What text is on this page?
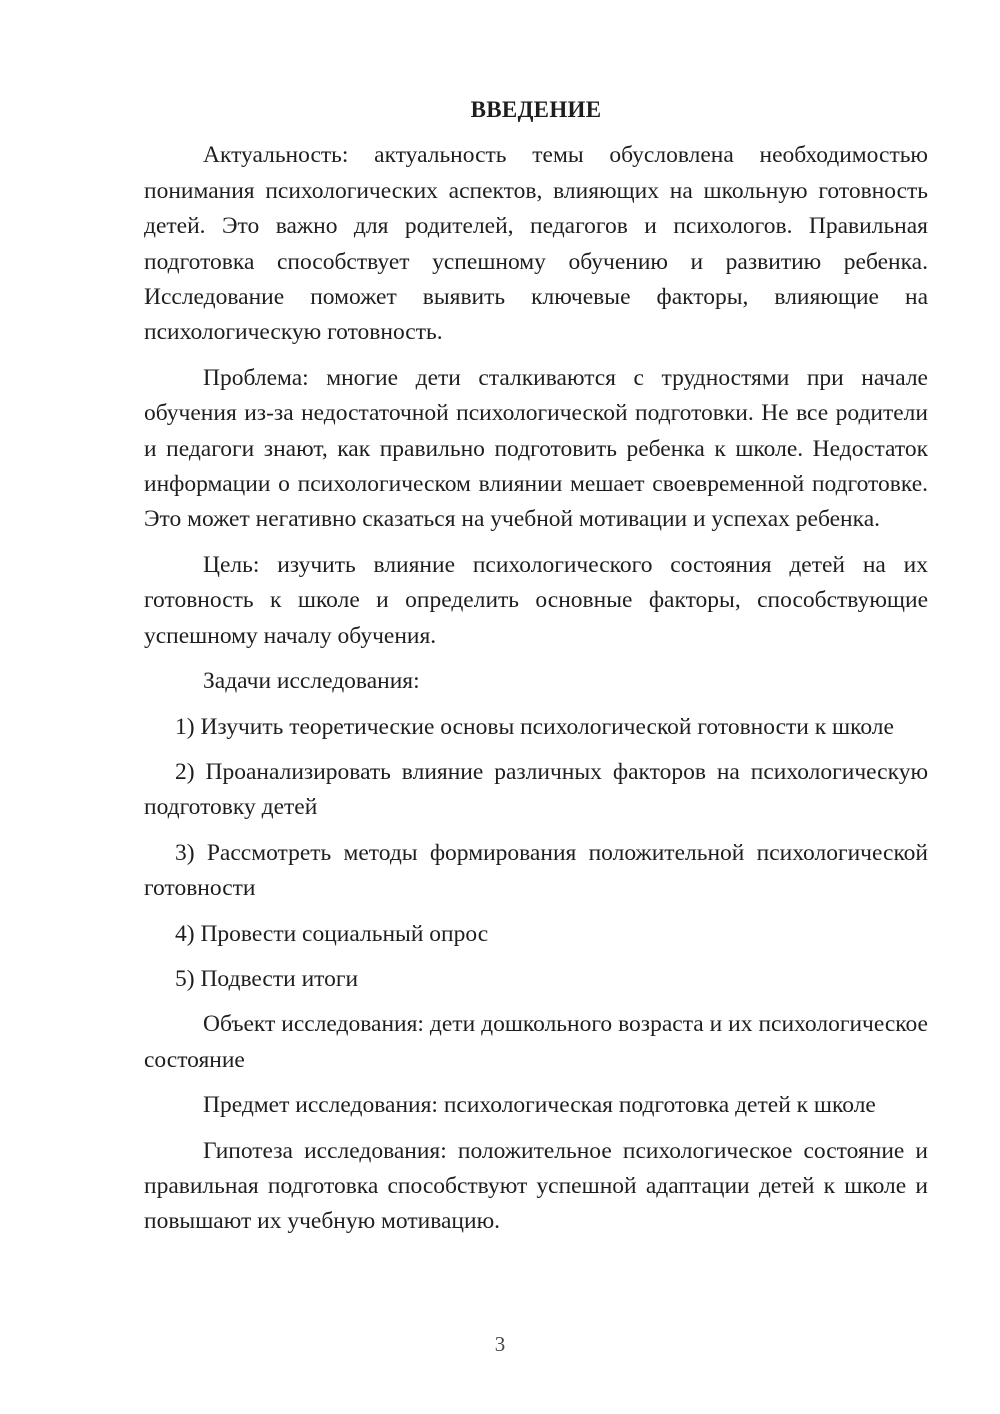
ВВЕДЕНИЕ

Актуальность: актуальность темы обусловлена необходимостью понимания психологических аспектов, влияющих на школьную готовность детей. Это важно для родителей, педагогов и психологов. Правильная подготовка способствует успешному обучению и развитию ребенка. Исследование поможет выявить ключевые факторы, влияющие на психологическую готовность.

Проблема: многие дети сталкиваются с трудностями при начале обучения из-за недостаточной психологической подготовки. Не все родители и педагоги знают, как правильно подготовить ребенка к школе. Недостаток информации о психологическом влиянии мешает своевременной подготовке. Это может негативно сказаться на учебной мотивации и успехах ребенка.

Цель: изучить влияние психологического состояния детей на их готовность к школе и определить основные факторы, способствующие успешному началу обучения.

Задачи исследования:

1) Изучить теоретические основы психологической готовности к школе

2) Проанализировать влияние различных факторов на психологическую подготовку детей

3) Рассмотреть методы формирования положительной психологической готовности

4) Провести социальный опрос

5) Подвести итоги

Объект исследования: дети дошкольного возраста и их психологическое состояние

Предмет исследования: психологическая подготовка детей к школе

Гипотеза исследования: положительное психологическое состояние и правильная подготовка способствуют успешной адаптации детей к школе и повышают их учебную мотивацию.

3
